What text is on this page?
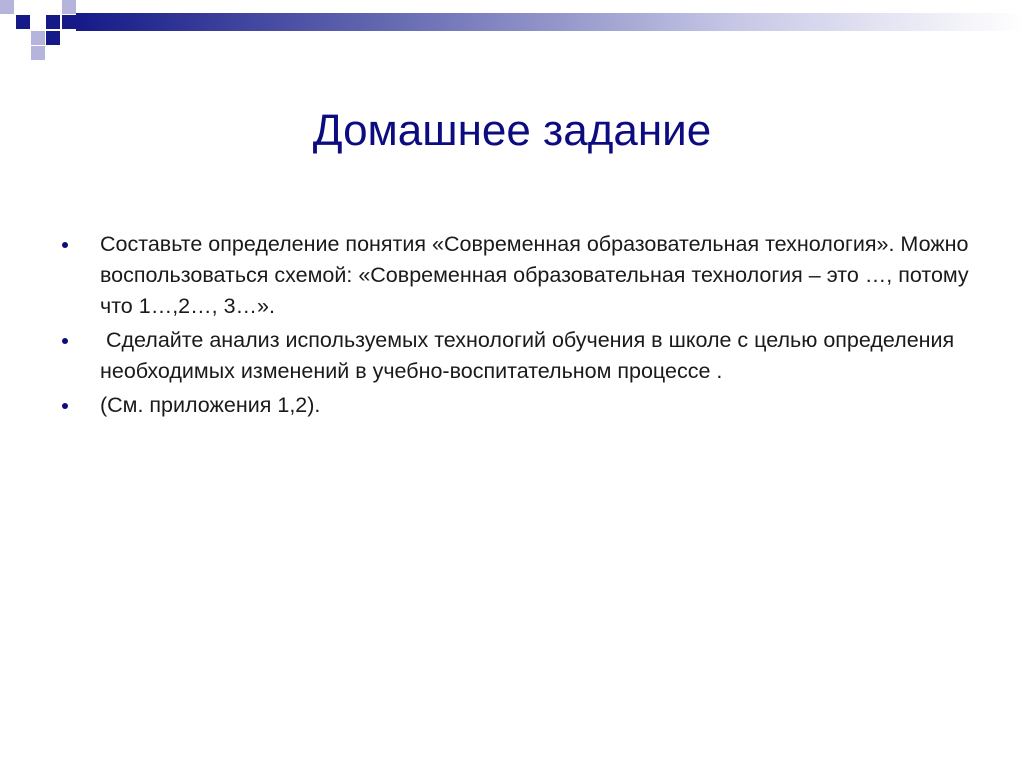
Домашнее задание
Составьте определение понятия «Современная образовательная технология». Можно воспользоваться схемой: «Современная образовательная технология – это …, потому что 1…,2…, 3…».
Сделайте анализ используемых технологий обучения в школе с целью определения необходимых изменений в учебно-воспитательном процессе .
(См. приложения 1,2).
